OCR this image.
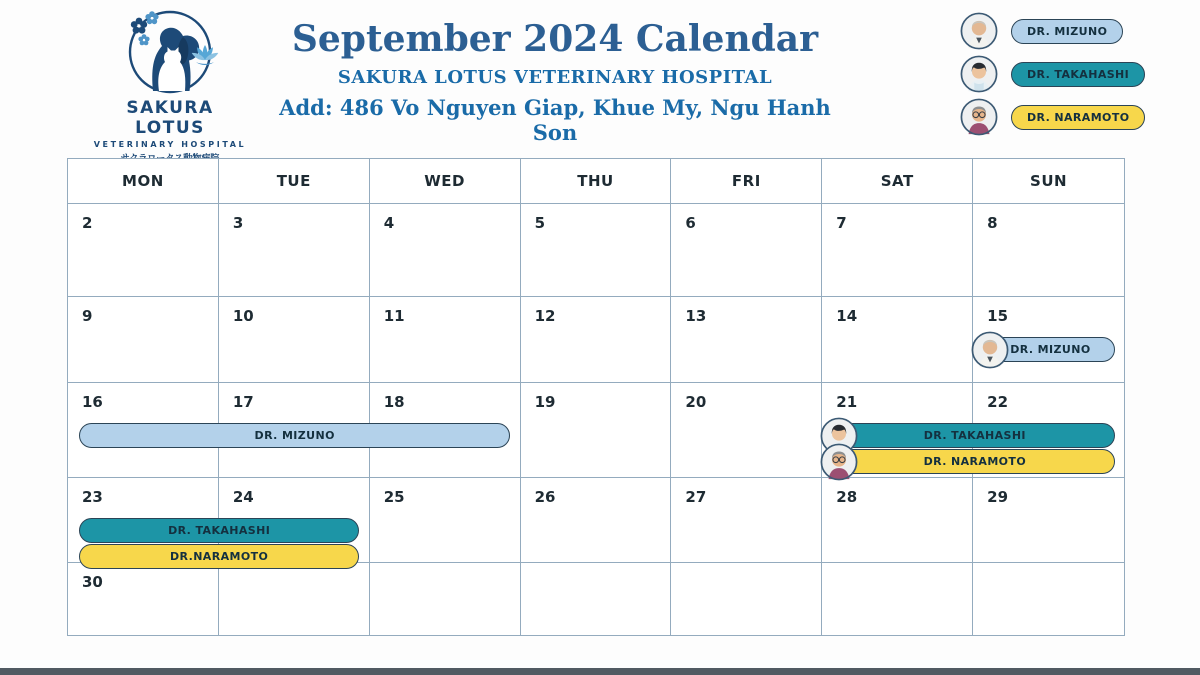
SAKURA LOTUS
VETERINARY HOSPITAL
September 2024 Calendar
SAKURA LOTUS VETERINARY HOSPITAL
Add: 486 Vo Nguyen Giap, Khue My, Ngu Hanh Son
DR. MIZUNO
DR. TAKAHASHI
DR. NARAMOTO
MON	TUE	WED	THU	FRI	SAT	SUN
2	3	4	5	6	7	8
9	10	11	12	13	14	15
16	17	18	19	20	21	22
23	24	25	26	27	28	29
30
DR. MIZUNO
DR. MIZUNO	DR. TAKAHASHI
DR. NARAMOTO
DR. TAKAHASHI
DR.NARAMOTO
